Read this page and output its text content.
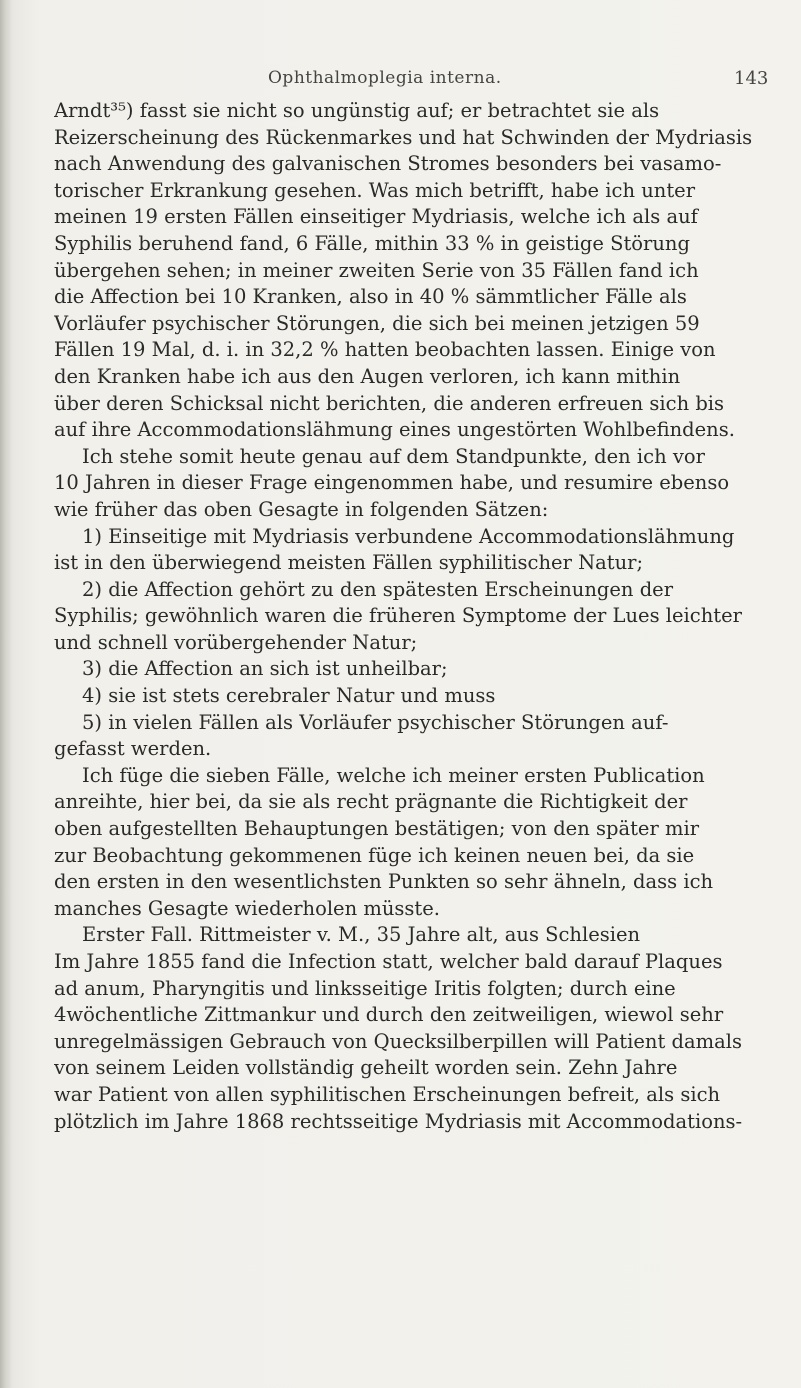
Ophthalmoplegia interna.	143
Arndt³⁵) fasst sie nicht so ungünstig auf; er betrachtet sie als
Reizerscheinung des Rückenmarkes und hat Schwinden der Mydriasis
nach Anwendung des galvanischen Stromes besonders bei vasamo-
torischer Erkrankung gesehen. Was mich betrifft, habe ich unter
meinen 19 ersten Fällen einseitiger Mydriasis, welche ich als auf
Syphilis beruhend fand, 6 Fälle, mithin 33 % in geistige Störung
übergehen sehen; in meiner zweiten Serie von 35 Fällen fand ich
die Affection bei 10 Kranken, also in 40 % sämmtlicher Fälle als
Vorläufer psychischer Störungen, die sich bei meinen jetzigen 59
Fällen 19 Mal, d. i. in 32,2 % hatten beobachten lassen. Einige von
den Kranken habe ich aus den Augen verloren, ich kann mithin
über deren Schicksal nicht berichten, die anderen erfreuen sich bis
auf ihre Accommodationslähmung eines ungestörten Wohlbefindens.
Ich stehe somit heute genau auf dem Standpunkte, den ich vor
10 Jahren in dieser Frage eingenommen habe, und resumire ebenso
wie früher das oben Gesagte in folgenden Sätzen:
1) Einseitige mit Mydriasis verbundene Accommodationslähmung
ist in den überwiegend meisten Fällen syphilitischer Natur;
2) die Affection gehört zu den spätesten Erscheinungen der
Syphilis; gewöhnlich waren die früheren Symptome der Lues leichter
und schnell vorübergehender Natur;
3) die Affection an sich ist unheilbar;
4) sie ist stets cerebraler Natur und muss
5) in vielen Fällen als Vorläufer psychischer Störungen auf-
gefasst werden.
Ich füge die sieben Fälle, welche ich meiner ersten Publication
anreihte, hier bei, da sie als recht prägnante die Richtigkeit der
oben aufgestellten Behauptungen bestätigen; von den später mir
zur Beobachtung gekommenen füge ich keinen neuen bei, da sie
den ersten in den wesentlichsten Punkten so sehr ähneln, dass ich
manches Gesagte wiederholen müsste.
Erster Fall. Rittmeister v. M., 35 Jahre alt, aus Schlesien
Im Jahre 1855 fand die Infection statt, welcher bald darauf Plaques
ad anum, Pharyngitis und linksseitige Iritis folgten; durch eine
4wöchentliche Zittmankur und durch den zeitweiligen, wiewol sehr
unregelmässigen Gebrauch von Quecksilberpillen will Patient damals
von seinem Leiden vollständig geheilt worden sein. Zehn Jahre
war Patient von allen syphilitischen Erscheinungen befreit, als sich
plötzlich im Jahre 1868 rechtsseitige Mydriasis mit Accommodations-
